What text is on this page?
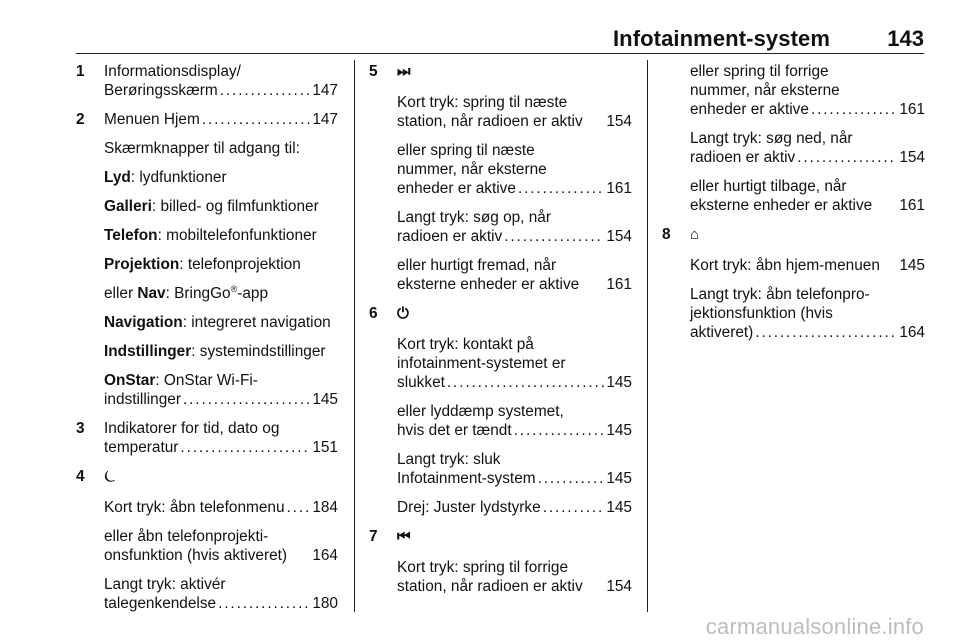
Infotainment-system	143
1 Informationsdisplay/
Berøringsskærm . . .	147
2 Menuen Hjem . . .	147
Skærmknapper til adgang til:
Lyd: lydfunktioner
Galleri: billed- og filmfunktioner
Telefon: mobiltelefonfunktioner
Projektion: telefonprojektion
eller Nav: BringGo®-app
Navigation: integreret navigation
Indstillinger: systemindstillinger
OnStar: OnStar Wi-Fi-
indstillinger . . .	145
3 Indikatorer for tid, dato og
temperatur . . .	151
4 ⏾
Kort tryk: åbn telefonmenu . . . 184
eller åbn telefonprojekti-
onsfunktion (hvis aktiveret) 164
Langt tryk: aktivér
talegenkendelse . . .	180
5 ⏭
Kort tryk: spring til næste
station, når radioen er aktiv 154
eller spring til næste
nummer, når eksterne
enheder er aktive . . .	161
Langt tryk: søg op, når
radioen er aktiv . . .	154
eller hurtigt fremad, når
eksterne enheder er aktive 161
6 ⏻
Kort tryk: kontakt på
infotainment-systemet er
slukket . . .	145
eller lyddæmp systemet,
hvis det er tændt . . .	145
Langt tryk: sluk
Infotainment-system . . .	145
Drej: Juster lydstyrke . . .	145
7 ⏮
Kort tryk: spring til forrige
station, når radioen er aktiv 154
eller spring til forrige
nummer, når eksterne
enheder er aktive . . .	161
Langt tryk: søg ned, når
radioen er aktiv . . .	154
eller hurtigt tilbage, når
eksterne enheder er aktive 161
8 ⌂
Kort tryk: åbn hjem-menuen 145
Langt tryk: åbn telefonpro-
jektionsfunktion (hvis
aktiveret) . . .	164
carmanualsonline.info
